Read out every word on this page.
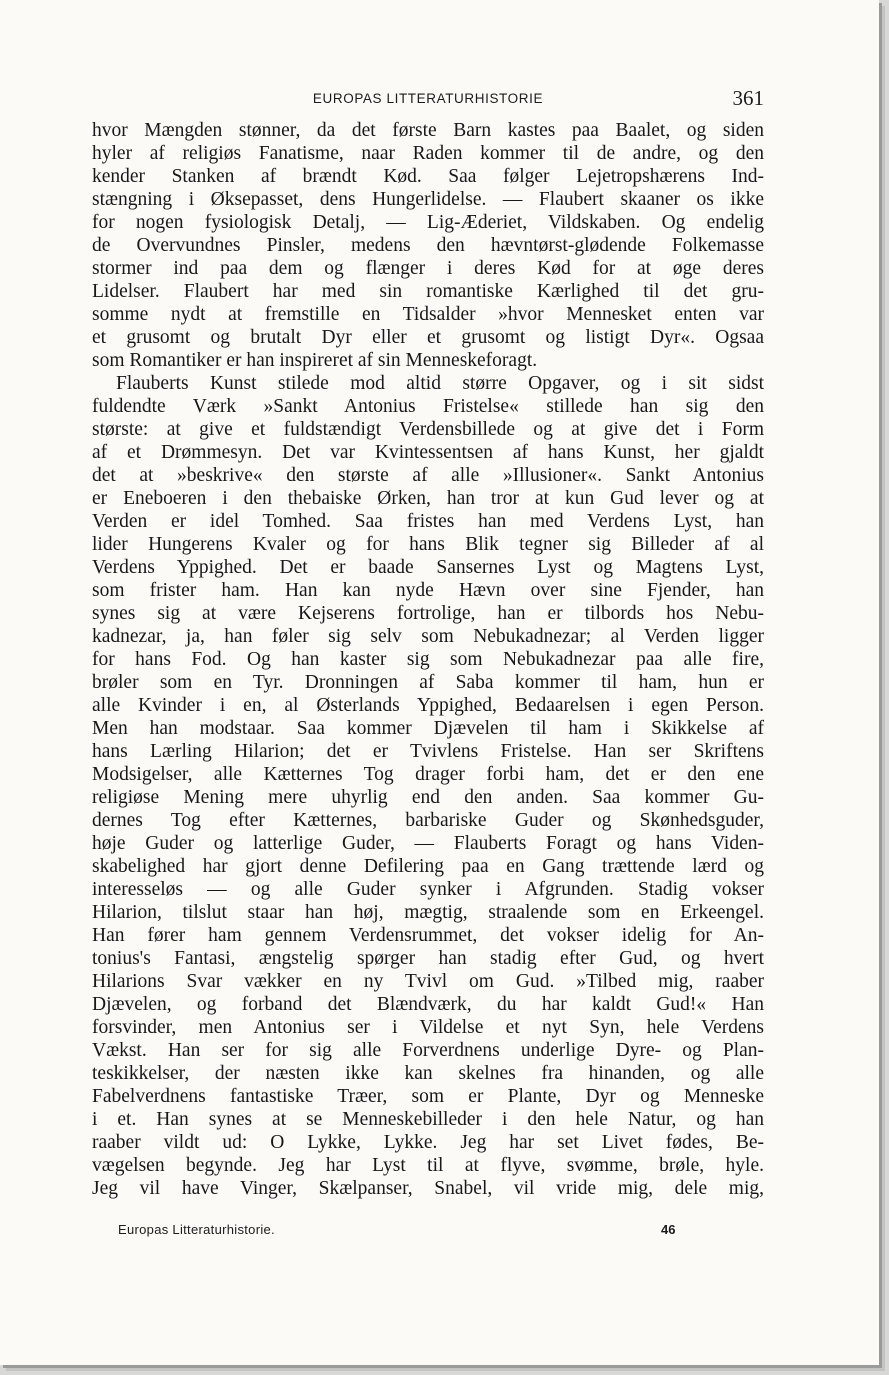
EUROPAS LITTERATURHISTORIE	361
hvor Mængden stønner, da det første Barn kastes paa Baalet, og siden
hyler af religiøs Fanatisme, naar Raden kommer til de andre, og den
kender Stanken af brændt Kød. Saa følger Lejetropshærens Ind-
stængning i Øksepasset, dens Hungerlidelse. — Flaubert skaaner os ikke
for nogen fysiologisk Detalj, — Lig-Æderiet, Vildskaben. Og endelig
de Overvundnes Pinsler, medens den hævntørst-glødende Folkemasse
stormer ind paa dem og flænger i deres Kød for at øge deres
Lidelser. Flaubert har med sin romantiske Kærlighed til det gru-
somme nydt at fremstille en Tidsalder »hvor Mennesket enten var
et grusomt og brutalt Dyr eller et grusomt og listigt Dyr«. Ogsaa
som Romantiker er han inspireret af sin Menneskeforagt.
Flauberts Kunst stilede mod altid større Opgaver, og i sit sidst
fuldendte Værk »Sankt Antonius Fristelse« stillede han sig den
største: at give et fuldstændigt Verdensbillede og at give det i Form
af et Drømmesyn. Det var Kvintessentsen af hans Kunst, her gjaldt
det at »beskrive« den største af alle »Illusioner«. Sankt Antonius
er Eneboeren i den thebaiske Ørken, han tror at kun Gud lever og at
Verden er idel Tomhed. Saa fristes han med Verdens Lyst, han
lider Hungerens Kvaler og for hans Blik tegner sig Billeder af al
Verdens Yppighed. Det er baade Sansernes Lyst og Magtens Lyst,
som frister ham. Han kan nyde Hævn over sine Fjender, han
synes sig at være Kejserens fortrolige, han er tilbords hos Nebu-
kadnezar, ja, han føler sig selv som Nebukadnezar; al Verden ligger
for hans Fod. Og han kaster sig som Nebukadnezar paa alle fire,
brøler som en Tyr. Dronningen af Saba kommer til ham, hun er
alle Kvinder i en, al Østerlands Yppighed, Bedaarelsen i egen Person.
Men han modstaar. Saa kommer Djævelen til ham i Skikkelse af
hans Lærling Hilarion; det er Tvivlens Fristelse. Han ser Skriftens
Modsigelser, alle Kætternes Tog drager forbi ham, det er den ene
religiøse Mening mere uhyrlig end den anden. Saa kommer Gu-
dernes Tog efter Kætternes, barbariske Guder og Skønhedsguder,
høje Guder og latterlige Guder, — Flauberts Foragt og hans Viden-
skabelighed har gjort denne Defilering paa en Gang trættende lærd og
interesseløs — og alle Guder synker i Afgrunden. Stadig vokser
Hilarion, tilslut staar han høj, mægtig, straalende som en Erkeengel.
Han fører ham gennem Verdensrummet, det vokser idelig for An-
tonius's Fantasi, ængstelig spørger han stadig efter Gud, og hvert
Hilarions Svar vækker en ny Tvivl om Gud. »Tilbed mig, raaber
Djævelen, og forband det Blændværk, du har kaldt Gud!« Han
forsvinder, men Antonius ser i Vildelse et nyt Syn, hele Verdens
Vækst. Han ser for sig alle Forverdnens underlige Dyre- og Plan-
teskikkelser, der næsten ikke kan skelnes fra hinanden, og alle
Fabelverdnens fantastiske Træer, som er Plante, Dyr og Menneske
i et. Han synes at se Menneskebilleder i den hele Natur, og han
raaber vildt ud: O Lykke, Lykke. Jeg har set Livet fødes, Be-
vægelsen begynde. Jeg har Lyst til at flyve, svømme, brøle, hyle.
Jeg vil have Vinger, Skælpanser, Snabel, vil vride mig, dele mig,
Europas Litteraturhistorie.	46
